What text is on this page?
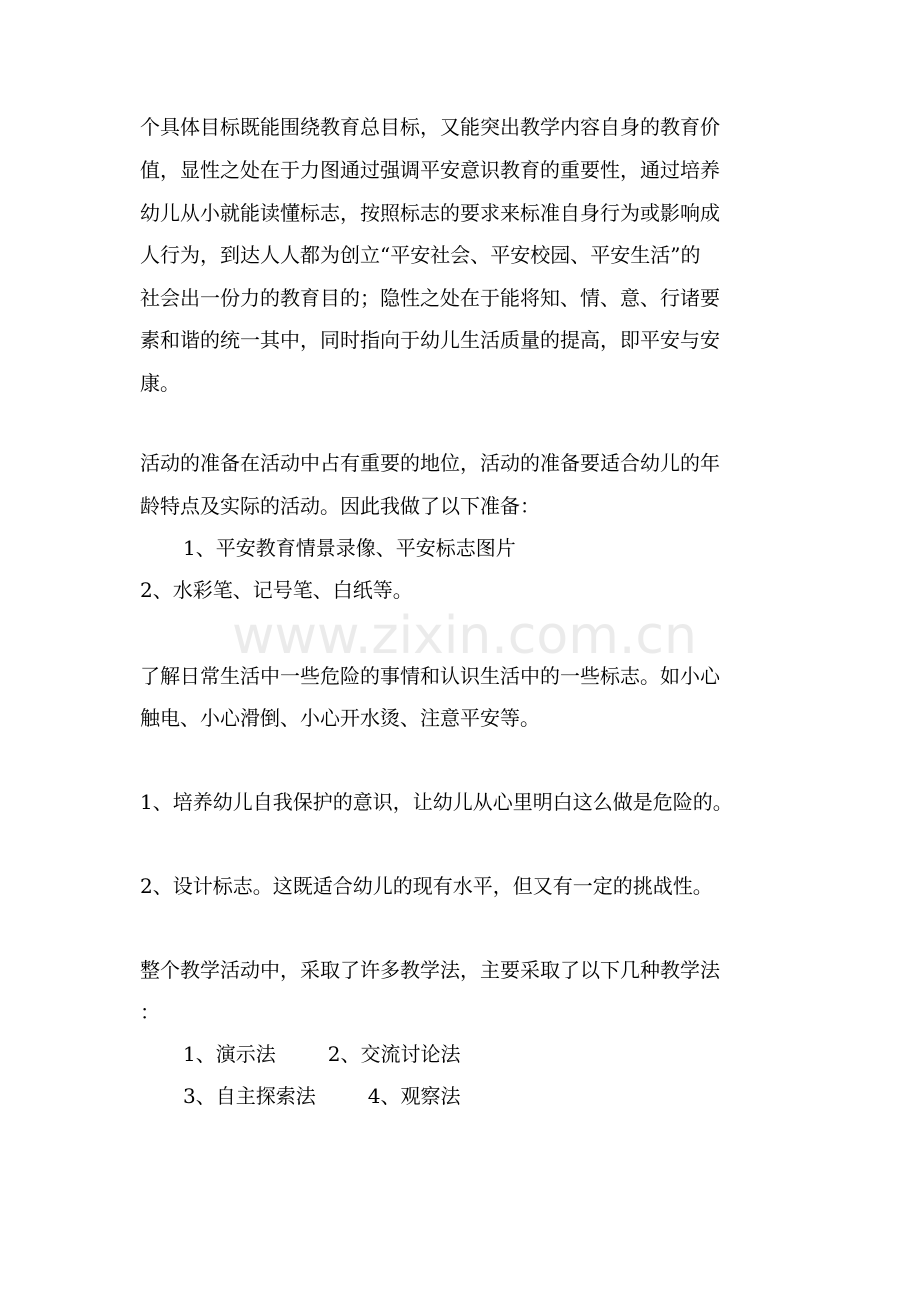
www.zixin.com.cn
个具体目标既能围绕教育总目标，又能突出教学内容自身的教育价
值，显性之处在于力图通过强调平安意识教育的重要性，通过培养
幼儿从小就能读懂标志，按照标志的要求来标准自身行为或影响成
人行为，到达人人都为创立“平安社会、平安校园、平安生活”的
社会出一份力的教育目的；隐性之处在于能将知、情、意、行诸要
素和谐的统一其中，同时指向于幼儿生活质量的提高，即平安与安
康。
活动的准备在活动中占有重要的地位，活动的准备要适合幼儿的年
龄特点及实际的活动。因此我做了以下准备：
1、平安教育情景录像、平安标志图片
2、水彩笔、记号笔、白纸等。
了解日常生活中一些危险的事情和认识生活中的一些标志。如小心
触电、小心滑倒、小心开水烫、注意平安等。
1、培养幼儿自我保护的意识，让幼儿从心里明白这么做是危险的。
2、设计标志。这既适合幼儿的现有水平，但又有一定的挑战性。
整个教学活动中，采取了许多教学法，主要采取了以下几种教学法
：
1、演示法	2、交流讨论法
3、自主探索法	4、观察法
